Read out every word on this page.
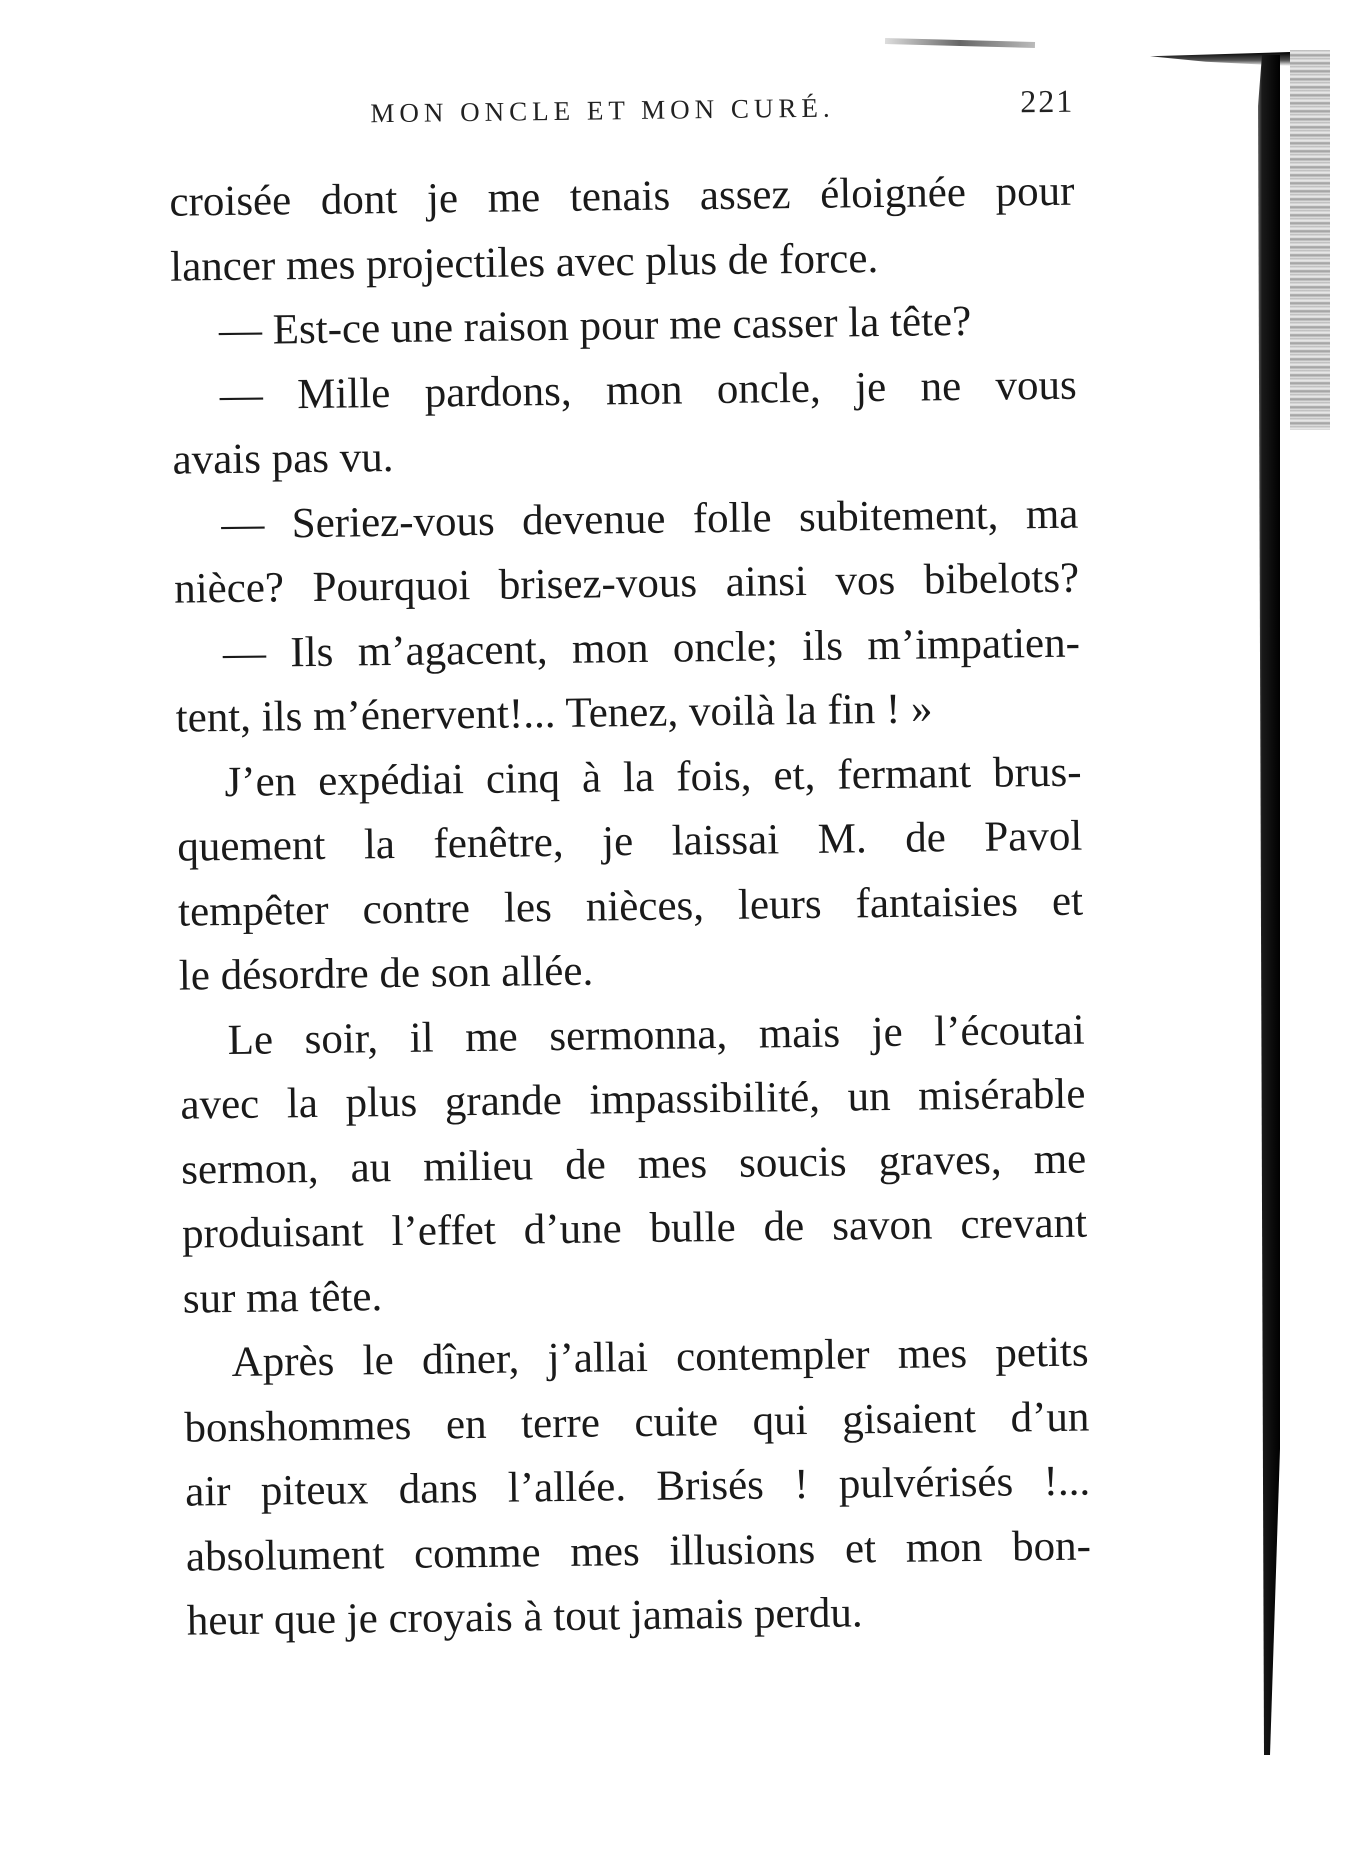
MON ONCLE ET MON CURÉ.	221
croisée dont je me tenais assez éloignée pour
lancer mes projectiles avec plus de force.
— Est-ce une raison pour me casser la tête?
— Mille pardons, mon oncle, je ne vous
avais pas vu.
— Seriez-vous devenue folle subitement, ma
nièce? Pourquoi brisez-vous ainsi vos bibelots?
— Ils m’agacent, mon oncle; ils m’impatien-
tent, ils m’énervent!... Tenez, voilà la fin ! »
J’en expédiai cinq à la fois, et, fermant brus-
quement la fenêtre, je laissai M. de Pavol
tempêter contre les nièces, leurs fantaisies et
le désordre de son allée.
Le soir, il me sermonna, mais je l’écoutai
avec la plus grande impassibilité, un misérable
sermon, au milieu de mes soucis graves, me
produisant l’effet d’une bulle de savon crevant
sur ma tête.
Après le dîner, j’allai contempler mes petits
bonshommes en terre cuite qui gisaient d’un
air piteux dans l’allée. Brisés ! pulvérisés !...
absolument comme mes illusions et mon bon-
heur que je croyais à tout jamais perdu.
